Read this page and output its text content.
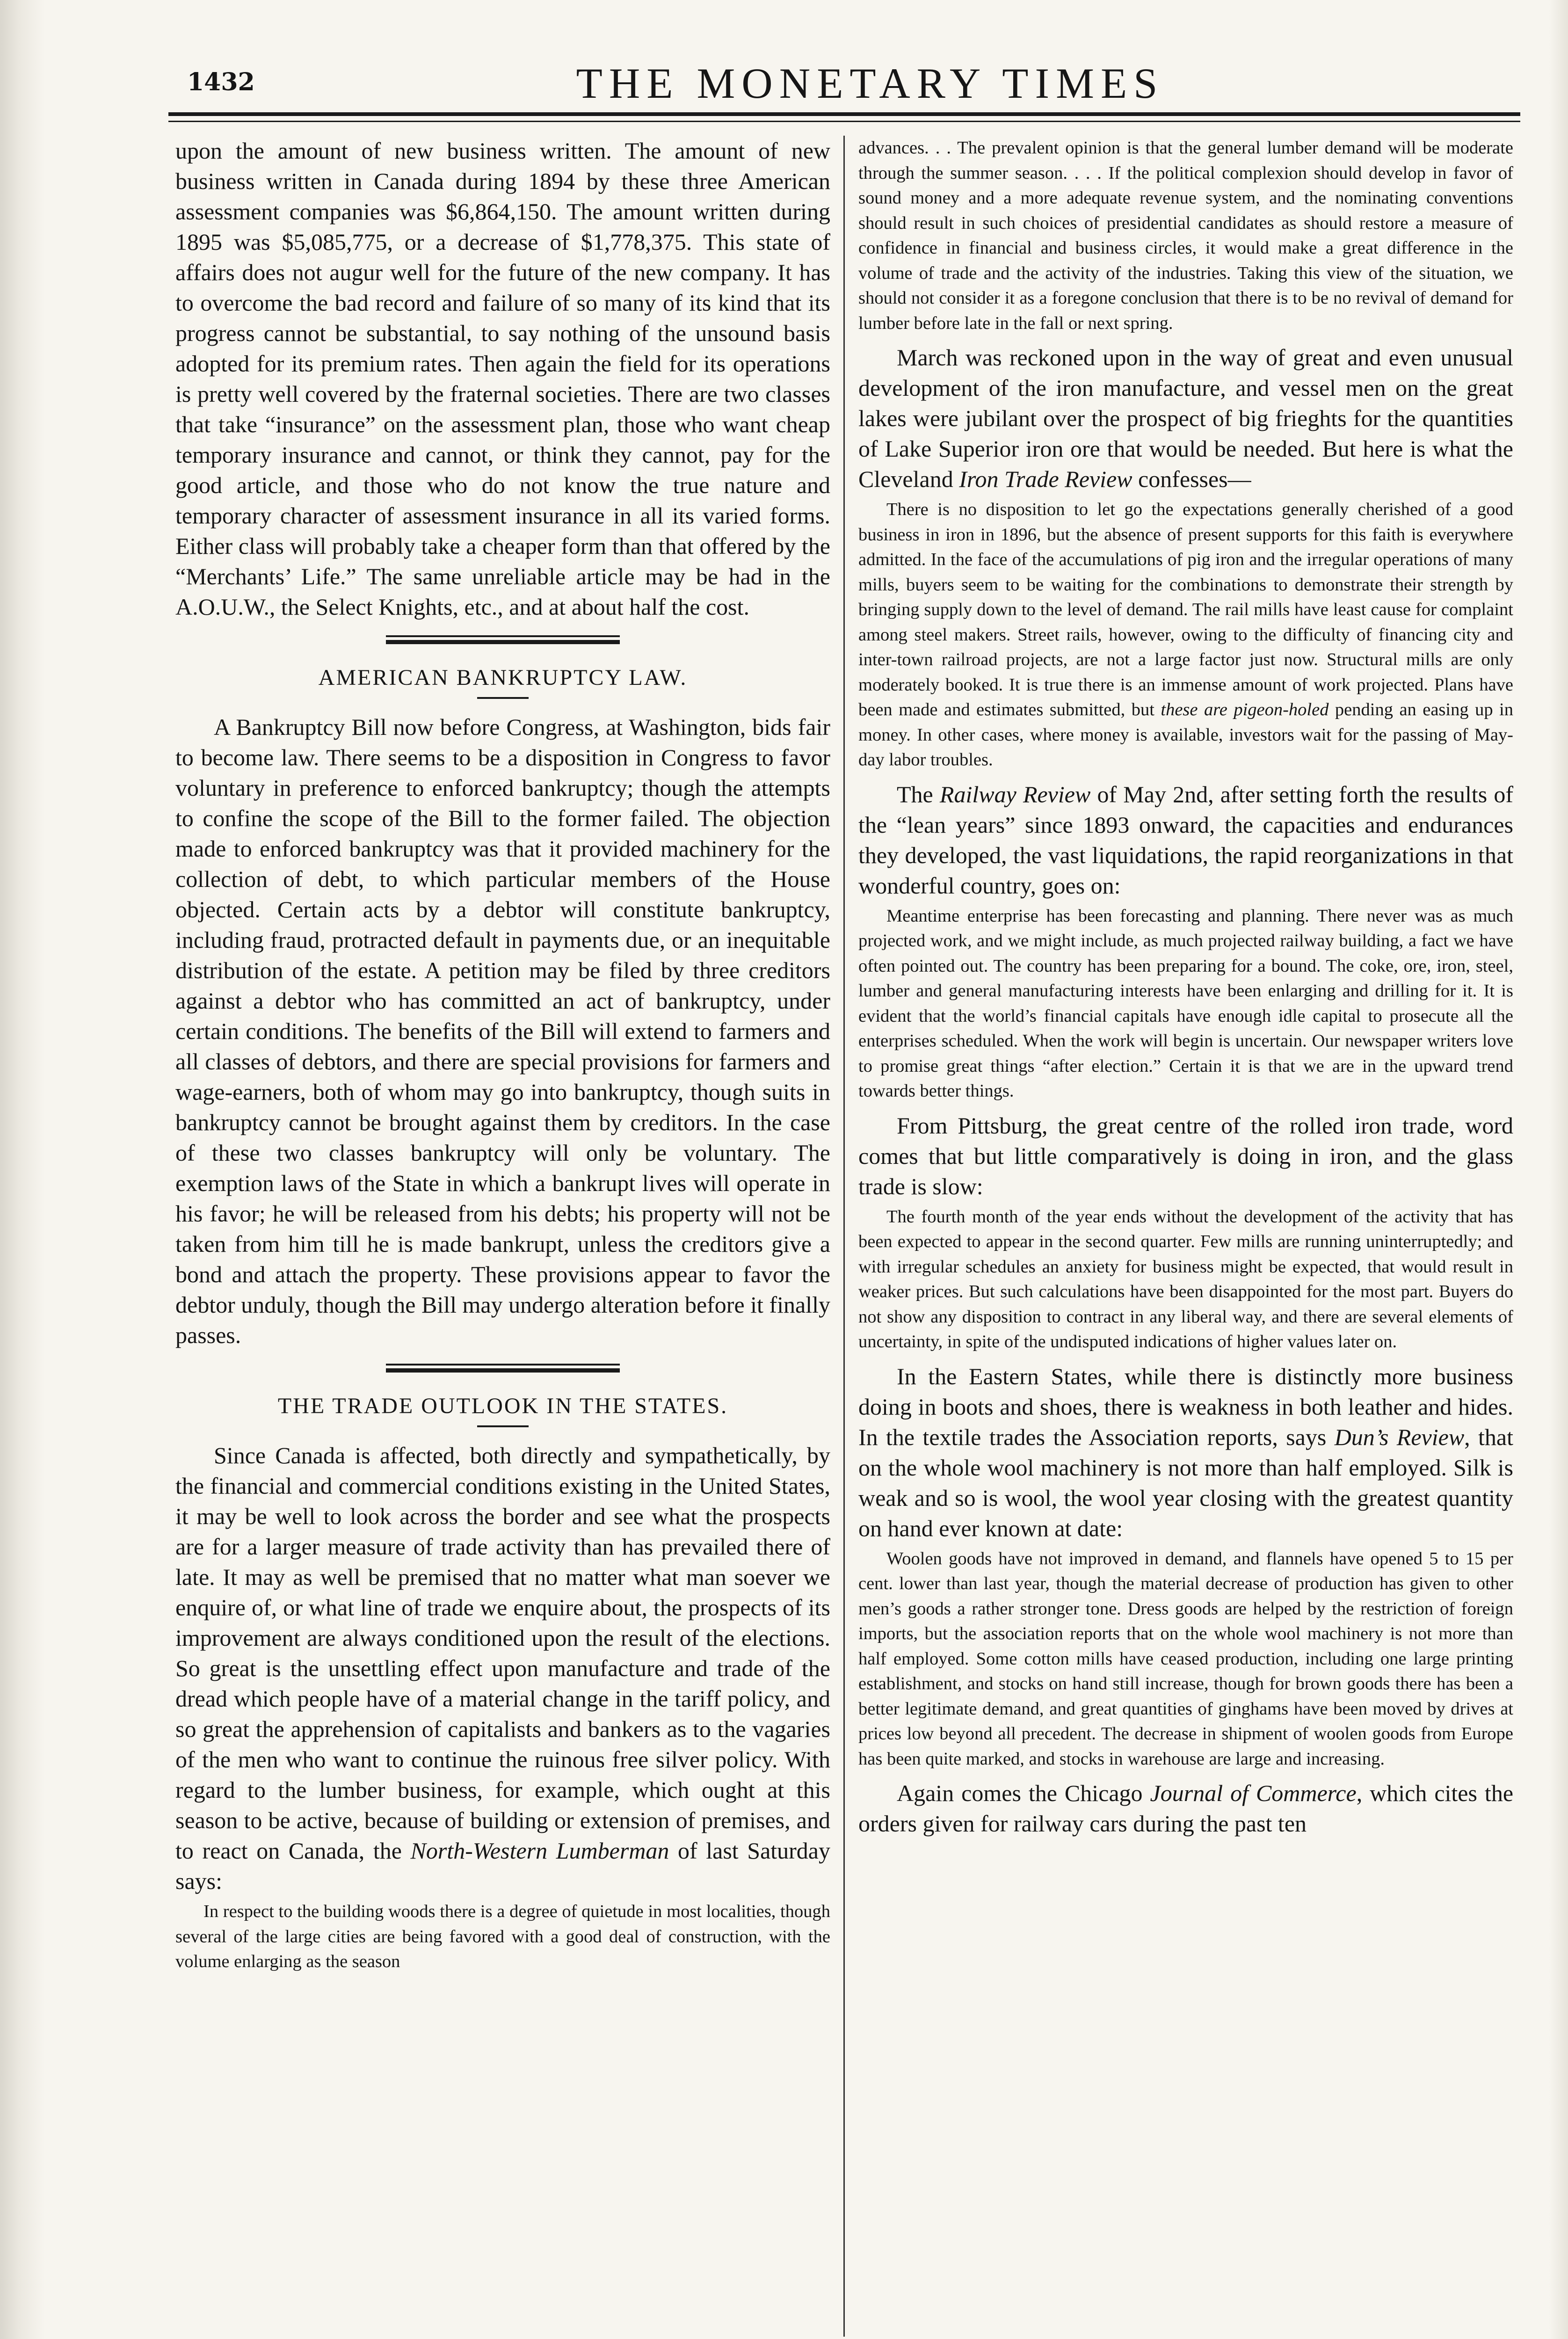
1432	THE MONETARY TIMES

upon the amount of new business written. The amount of new business written in Canada during 1894 by these three American assessment companies was $6,864,150. The amount written during 1895 was $5,085,775, or a decrease of $1,778,375. This state of affairs does not augur well for the future of the new company. It has to overcome the bad record and failure of so many of its kind that its progress cannot be substantial, to say nothing of the unsound basis adopted for its premium rates. Then again the field for its operations is pretty well covered by the fraternal societies. There are two classes that take “insurance” on the assessment plan, those who want cheap temporary insurance and cannot, or think they cannot, pay for the good article, and those who do not know the true nature and temporary character of assessment insurance in all its varied forms. Either class will probably take a cheaper form than that offered by the “Merchants’ Life.” The same unreliable article may be had in the A.O.U.W., the Select Knights, etc., and at about half the cost.

AMERICAN BANKRUPTCY LAW.

A Bankruptcy Bill now before Congress, at Washington, bids fair to become law. There seems to be a disposition in Congress to favor voluntary in preference to enforced bankruptcy; though the attempts to confine the scope of the Bill to the former failed. The objection made to enforced bankruptcy was that it provided machinery for the collection of debt, to which particular members of the House objected. Certain acts by a debtor will constitute bankruptcy, including fraud, protracted default in payments due, or an inequitable distribution of the estate. A petition may be filed by three creditors against a debtor who has committed an act of bankruptcy, under certain conditions. The benefits of the Bill will extend to farmers and all classes of debtors, and there are special provisions for farmers and wage-earners, both of whom may go into bankruptcy, though suits in bankruptcy cannot be brought against them by creditors. In the case of these two classes bankruptcy will only be voluntary. The exemption laws of the State in which a bankrupt lives will operate in his favor; he will be released from his debts; his property will not be taken from him till he is made bankrupt, unless the creditors give a bond and attach the property. These provisions appear to favor the debtor unduly, though the Bill may undergo alteration before it finally passes.

THE TRADE OUTLOOK IN THE STATES.

Since Canada is affected, both directly and sympathetically, by the financial and commercial conditions existing in the United States, it may be well to look across the border and see what the prospects are for a larger measure of trade activity than has prevailed there of late. It may as well be premised that no matter what man soever we enquire of, or what line of trade we enquire about, the prospects of its improvement are always conditioned upon the result of the elections. So great is the unsettling effect upon manufacture and trade of the dread which people have of a material change in the tariff policy, and so great the apprehension of capitalists and bankers as to the vagaries of the men who want to continue the ruinous free silver policy. With regard to the lumber business, for example, which ought at this season to be active, because of building or extension of premises, and to react on Canada, the North-Western Lumberman of last Saturday says:

In respect to the building woods there is a degree of quietude in most localities, though several of the large cities are being favored with a good deal of construction, with the volume enlarging as the season

advances. . . The prevalent opinion is that the general lumber demand will be moderate through the summer season. . . . If the political complexion should develop in favor of sound money and a more adequate revenue system, and the nominating conventions should result in such choices of presidential candidates as should restore a measure of confidence in financial and business circles, it would make a great difference in the volume of trade and the activity of the industries. Taking this view of the situation, we should not consider it as a foregone conclusion that there is to be no revival of demand for lumber before late in the fall or next spring.

March was reckoned upon in the way of great and even unusual development of the iron manufacture, and vessel men on the great lakes were jubilant over the prospect of big frieghts for the quantities of Lake Superior iron ore that would be needed. But here is what the Cleveland Iron Trade Review confesses—

There is no disposition to let go the expectations generally cherished of a good business in iron in 1896, but the absence of present supports for this faith is everywhere admitted. In the face of the accumulations of pig iron and the irregular operations of many mills, buyers seem to be waiting for the combinations to demonstrate their strength by bringing supply down to the level of demand. The rail mills have least cause for complaint among steel makers. Street rails, however, owing to the difficulty of financing city and inter-town railroad projects, are not a large factor just now. Structural mills are only moderately booked. It is true there is an immense amount of work projected. Plans have been made and estimates submitted, but these are pigeon-holed pending an easing up in money. In other cases, where money is available, investors wait for the passing of May-day labor troubles.

The Railway Review of May 2nd, after setting forth the results of the “lean years” since 1893 onward, the capacities and endurances they developed, the vast liquidations, the rapid reorganizations in that wonderful country, goes on:

Meantime enterprise has been forecasting and planning. There never was as much projected work, and we might include, as much projected railway building, a fact we have often pointed out. The country has been preparing for a bound. The coke, ore, iron, steel, lumber and general manufacturing interests have been enlarging and drilling for it. It is evident that the world’s financial capitals have enough idle capital to prosecute all the enterprises scheduled. When the work will begin is uncertain. Our newspaper writers love to promise great things “after election.” Certain it is that we are in the upward trend towards better things.

From Pittsburg, the great centre of the rolled iron trade, word comes that but little comparatively is doing in iron, and the glass trade is slow:

The fourth month of the year ends without the development of the activity that has been expected to appear in the second quarter. Few mills are running uninterruptedly; and with irregular schedules an anxiety for business might be expected, that would result in weaker prices. But such calculations have been disappointed for the most part. Buyers do not show any disposition to contract in any liberal way, and there are several elements of uncertainty, in spite of the undisputed indications of higher values later on.

In the Eastern States, while there is distinctly more business doing in boots and shoes, there is weakness in both leather and hides. In the textile trades the Association reports, says Dun’s Review, that on the whole wool machinery is not more than half employed. Silk is weak and so is wool, the wool year closing with the greatest quantity on hand ever known at date:

Woolen goods have not improved in demand, and flannels have opened 5 to 15 per cent. lower than last year, though the material decrease of production has given to other men’s goods a rather stronger tone. Dress goods are helped by the restriction of foreign imports, but the association reports that on the whole wool machinery is not more than half employed. Some cotton mills have ceased production, including one large printing establishment, and stocks on hand still increase, though for brown goods there has been a better legitimate demand, and great quantities of ginghams have been moved by drives at prices low beyond all precedent. The decrease in shipment of woolen goods from Europe has been quite marked, and stocks in warehouse are large and increasing.

Again comes the Chicago Journal of Commerce, which cites the orders given for railway cars during the past ten
